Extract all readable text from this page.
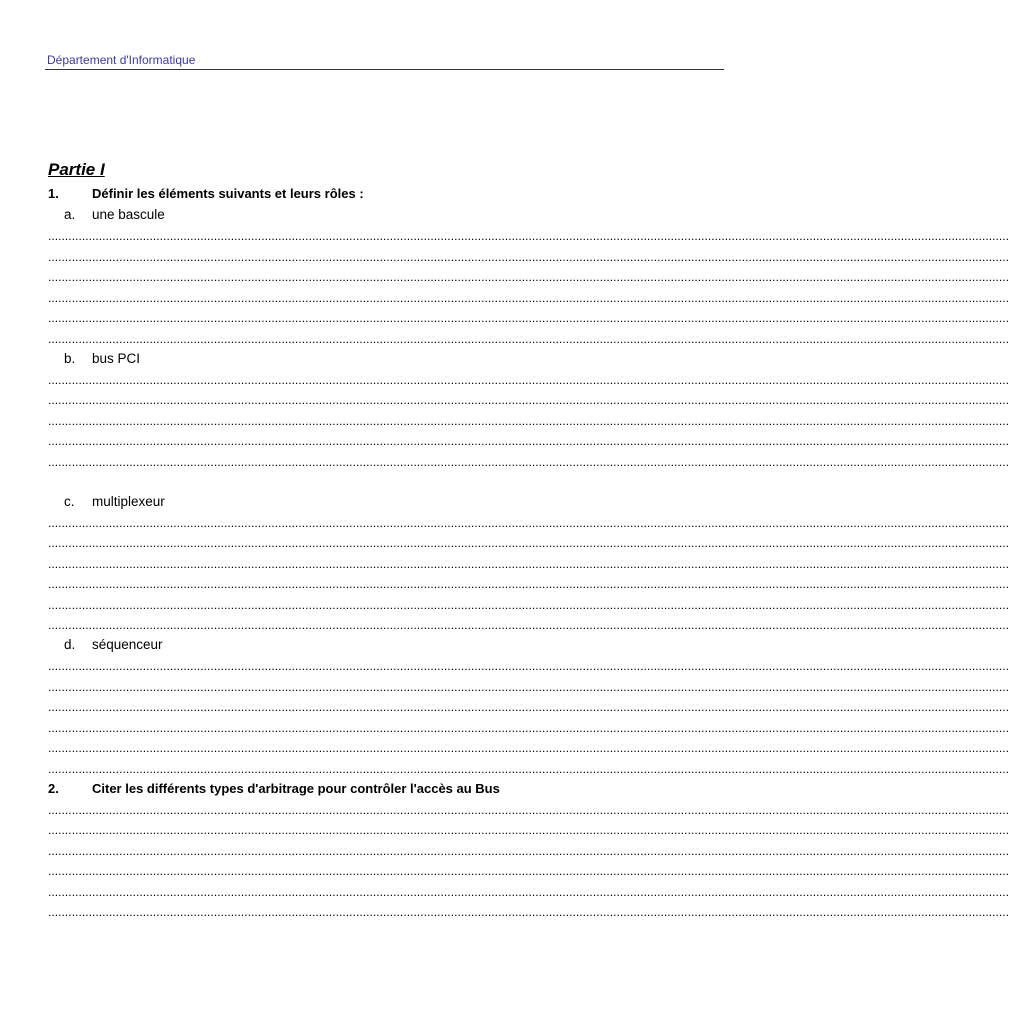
Département d'Informatique
Partie I
1.	Définir les éléments suivants et leurs rôles :
a. une bascule
............................................................................................................................................................................................................................................................................................
............................................................................................................................................................................................................................................................................................
............................................................................................................................................................................................................................................................................................
............................................................................................................................................................................................................................................................................................
............................................................................................................................................................................................................................................................................................
............................................................................................................................................................................................................................................................................................
b. bus PCI
............................................................................................................................................................................................................................................................................................
............................................................................................................................................................................................................................................................................................
............................................................................................................................................................................................................................................................................................
............................................................................................................................................................................................................................................................................................
............................................................................................................................................................................................................................................................................................
c. multiplexeur
............................................................................................................................................................................................................................................................................................
............................................................................................................................................................................................................................................................................................
............................................................................................................................................................................................................................................................................................
............................................................................................................................................................................................................................................................................................
............................................................................................................................................................................................................................................................................................
............................................................................................................................................................................................................................................................................................
d. séquenceur
............................................................................................................................................................................................................................................................................................
............................................................................................................................................................................................................................................................................................
............................................................................................................................................................................................................................................................................................
............................................................................................................................................................................................................................................................................................
............................................................................................................................................................................................................................................................................................
............................................................................................................................................................................................................................................................................................
2.	Citer les différents types d'arbitrage pour contrôler l'accès au Bus
............................................................................................................................................................................................................................................................................................
............................................................................................................................................................................................................................................................................................
............................................................................................................................................................................................................................................................................................
............................................................................................................................................................................................................................................................................................
............................................................................................................................................................................................................................................................................................
............................................................................................................................................................................................................................................................................................
